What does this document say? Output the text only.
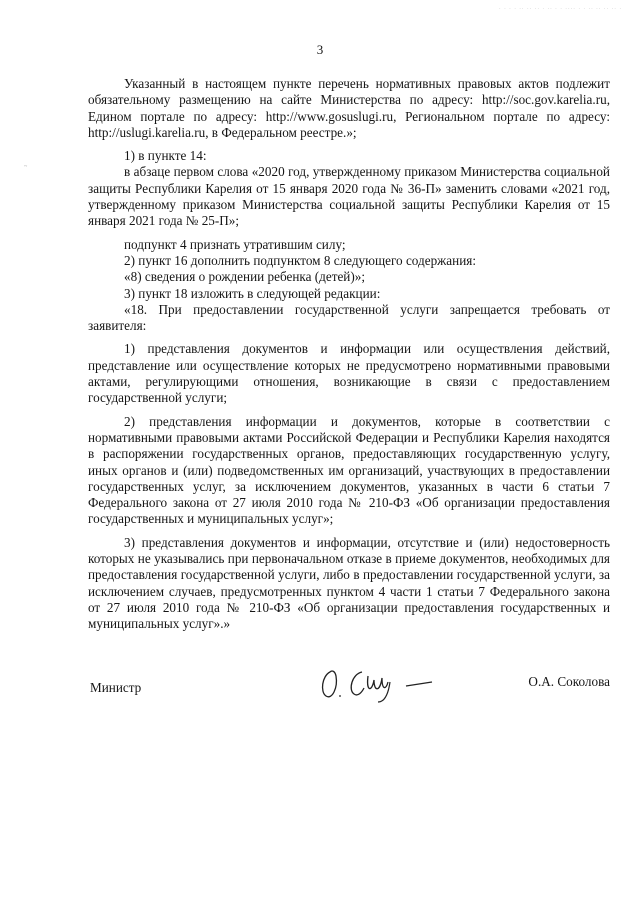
· · · · ·· ·· ·· · ·· · · ···· · · ·· ·· ·· ·· ·
~
3

Указанный в настоящем пункте перечень нормативных правовых актов подлежит обязательному размещению на сайте Министерства по адресу: http://soc.gov.karelia.ru, Едином портале по адресу: http://www.gosuslugi.ru, Региональном портале по адресу: http://uslugi.karelia.ru, в Федеральном реестре.»;

1) в пункте 14:

в абзаце первом слова «2020 год, утвержденному приказом Министерства социальной защиты Республики Карелия от 15 января 2020 года № 36-П» заменить словами «2021 год, утвержденному приказом Министерства социальной защиты Республики Карелия от 15 января 2021 года № 25-П»;

подпункт 4 признать утратившим силу;

2) пункт 16 дополнить подпунктом 8 следующего содержания:

«8) сведения о рождении ребенка (детей)»;

3) пункт 18 изложить в следующей редакции:

«18. При предоставлении государственной услуги запрещается требовать от заявителя:

1) представления документов и информации или осуществления действий, представление или осуществление которых не предусмотрено нормативными правовыми актами, регулирующими отношения, возникающие в связи с предоставлением государственной услуги;

2) представления информации и документов, которые в соответствии с нормативными правовыми актами Российской Федерации и Республики Карелия находятся в распоряжении государственных органов, предоставляющих государственную услугу, иных органов и (или) подведомственных им организаций, участвующих в предоставлении государственных услуг, за исключением документов, указанных в части 6 статьи 7 Федерального закона от 27 июля 2010 года № 210-ФЗ «Об организации предоставления государственных и муниципальных услуг»;

3) представления документов и информации, отсутствие и (или) недостоверность которых не указывались при первоначальном отказе в приеме документов, необходимых для предоставления государственной услуги, либо в предоставлении государственной услуги, за исключением случаев, предусмотренных пунктом 4 части 1 статьи 7 Федерального закона от 27 июля 2010 года № 210-ФЗ «Об организации предоставления государственных и муниципальных услуг».»

Министр	О.А. Соколова
